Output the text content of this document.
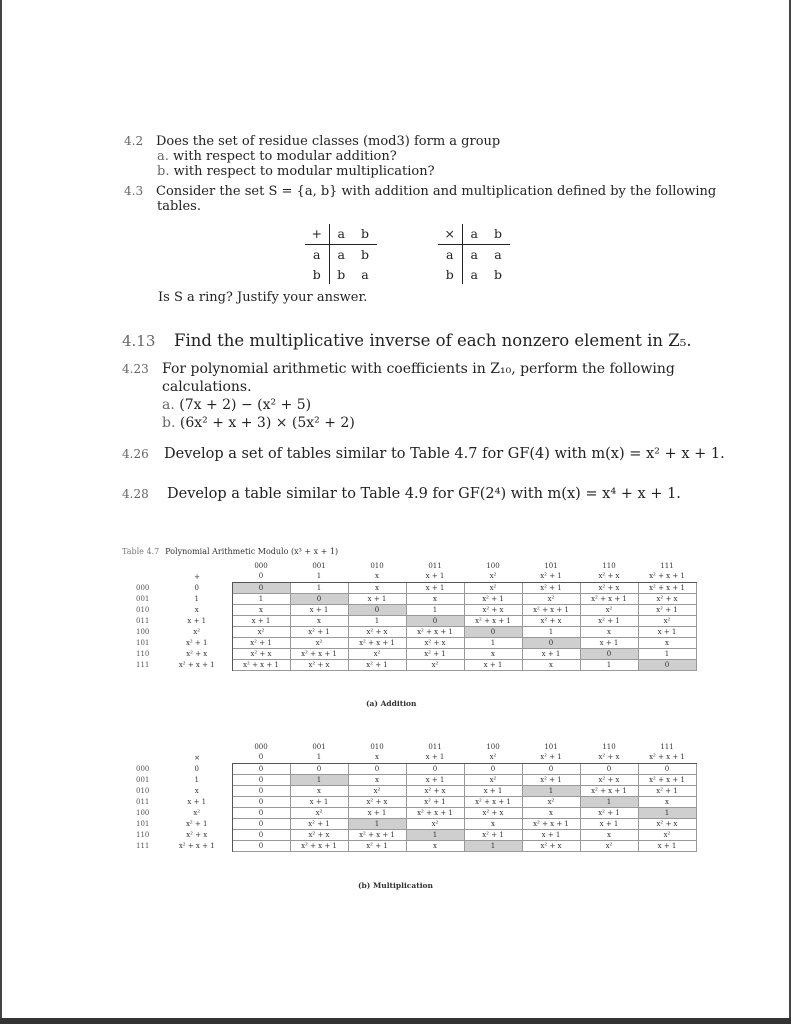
4.2 Does the set of residue classes (mod3) form a group
a. with respect to modular addition?
b. with respect to modular multiplication?
4.3 Consider the set S = {a, b} with addition and multiplication defined by the following
tables.
+	a	b
a	a	b
b	b	a
×	a	b
a	a	a
b	a	b
Is S a ring? Justify your answer.
4.13 Find the multiplicative inverse of each nonzero element in Z₅.
4.23 For polynomial arithmetic with coefficients in Z₁₀, perform the following
calculations.
a. (7x + 2) − (x² + 5)
b. (6x² + x + 3) × (5x² + 2)
4.26 Develop a set of tables similar to Table 4.7 for GF(4) with m(x) = x² + x + 1.
4.28 Develop a table similar to Table 4.9 for GF(2⁴) with m(x) = x⁴ + x + 1.
Table 4.7 Polynomial Arithmetic Modulo (x³ + x + 1)
		000	001	010	011	100	101	110	111
	+	0	1	x	x + 1	x²	x² + 1	x² + x	x² + x + 1
000	0	0	1	x	x + 1	x²	x² + 1	x² + x	x² + x + 1
001	1	1	0	x + 1	x	x² + 1	x²	x² + x + 1	x² + x
010	x	x	x + 1	0	1	x² + x	x² + x + 1	x²	x² + 1
011	x + 1	x + 1	x	1	0	x² + x + 1	x² + x	x² + 1	x²
100	x²	x²	x² + 1	x² + x	x² + x + 1	0	1	x	x + 1
101	x² + 1	x² + 1	x²	x² + x + 1	x² + x	1	0	x + 1	x
110	x² + x	x² + x	x² + x + 1	x²	x² + 1	x	x + 1	0	1
111	x² + x + 1	x² + x + 1	x² + x	x² + 1	x²	x + 1	x	1	0
(a) Addition
		000	001	010	011	100	101	110	111
	×	0	1	x	x + 1	x²	x² + 1	x² + x	x² + x + 1
000	0	0	0	0	0	0	0	0	0
001	1	0	1	x	x + 1	x²	x² + 1	x² + x	x² + x + 1
010	x	0	x	x²	x² + x	x + 1	1	x² + x + 1	x² + 1
011	x + 1	0	x + 1	x² + x	x² + 1	x² + x + 1	x²	1	x
100	x²	0	x²	x + 1	x² + x + 1	x² + x	x	x² + 1	1
101	x² + 1	0	x² + 1	1	x²	x	x² + x + 1	x + 1	x² + x
110	x² + x	0	x² + x	x² + x + 1	1	x² + 1	x + 1	x	x²
111	x² + x + 1	0	x² + x + 1	x² + 1	x	1	x² + x	x²	x + 1
(b) Multiplication
